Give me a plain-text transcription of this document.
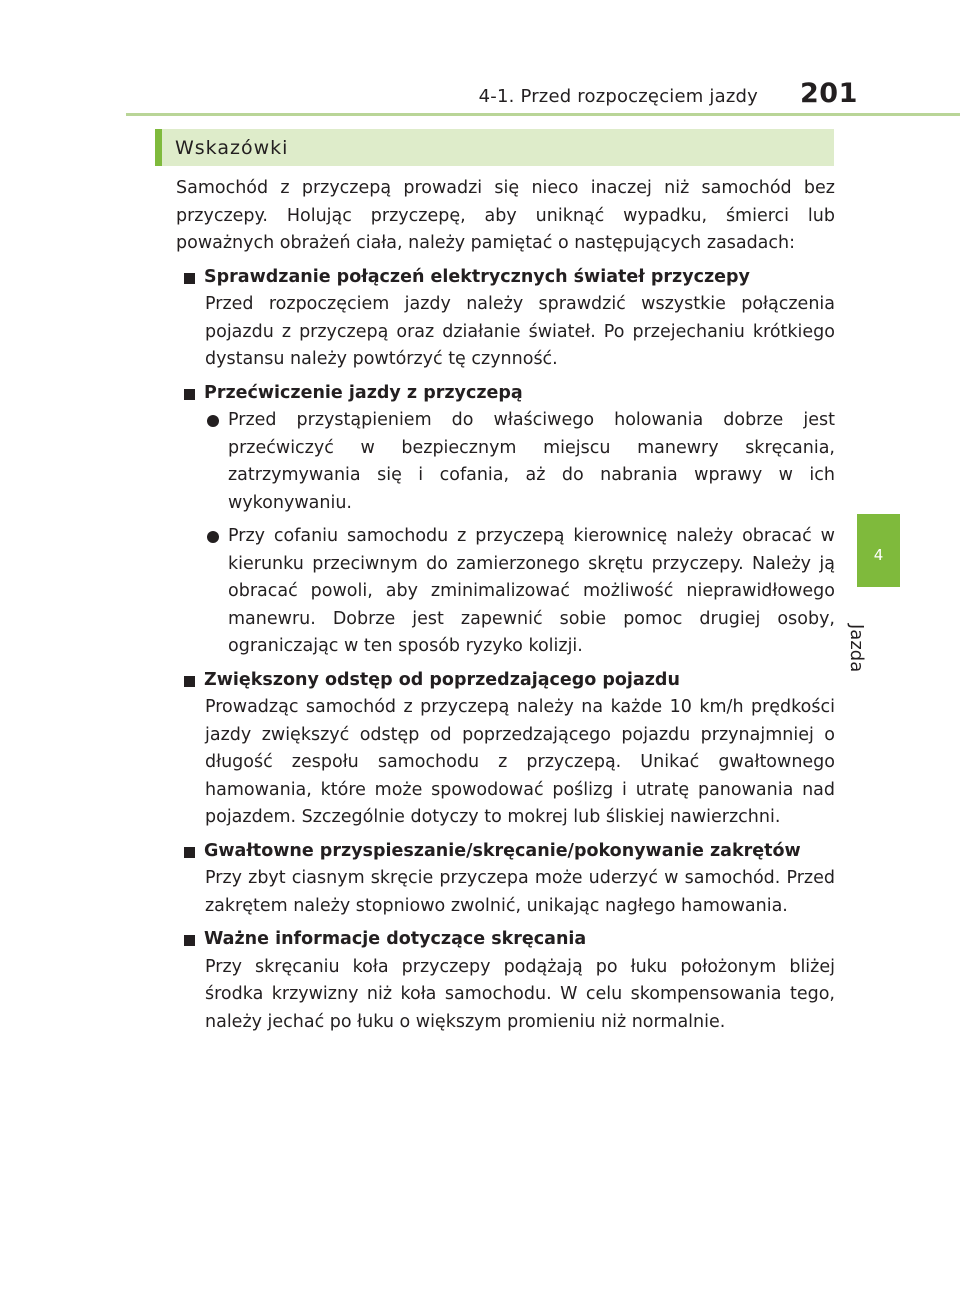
4-1. Przed rozpoczęciem jazdy 201
4
Jazda
Wskazówki

Samochód z przyczepą prowadzi się nieco inaczej niż samochód bez przyczepy. Holując przyczepę, aby uniknąć wypadku, śmierci lub poważnych obrażeń ciała, należy pamiętać o następujących zasadach:

Sprawdzanie połączeń elektrycznych świateł przyczepy

Przed rozpoczęciem jazdy należy sprawdzić wszystkie połączenia pojazdu z przyczepą oraz działanie świateł. Po przejechaniu krótkiego dystansu należy powtórzyć tę czynność.

Przećwiczenie jazdy z przyczepą

Przed przystąpieniem do właściwego holowania dobrze jest przećwiczyć w bezpiecznym miejscu manewry skręcania, zatrzymywania się i cofania, aż do nabrania wprawy w ich wykonywaniu.

Przy cofaniu samochodu z przyczepą kierownicę należy obracać w kierunku przeciwnym do zamierzonego skrętu przyczepy. Należy ją obracać powoli, aby zminimalizować możliwość nieprawidłowego manewru. Dobrze jest zapewnić sobie pomoc drugiej osoby, ograniczając w ten sposób ryzyko kolizji.

Zwiększony odstęp od poprzedzającego pojazdu

Prowadząc samochód z przyczepą należy na każde 10 km/h prędkości jazdy zwiększyć odstęp od poprzedzającego pojazdu przynajmniej o długość zespołu samochodu z przyczepą. Unikać gwałtownego hamowania, które może spowodować poślizg i utratę panowania nad pojazdem. Szczególnie dotyczy to mokrej lub śliskiej nawierzchni.

Gwałtowne przyspieszanie/skręcanie/pokonywanie zakrętów

Przy zbyt ciasnym skręcie przyczepa może uderzyć w samochód. Przed zakrętem należy stopniowo zwolnić, unikając nagłego hamowania.

Ważne informacje dotyczące skręcania

Przy skręcaniu koła przyczepy podążają po łuku położonym bliżej środka krzywizny niż koła samochodu. W celu skompensowania tego, należy jechać po łuku o większym promieniu niż normalnie.
